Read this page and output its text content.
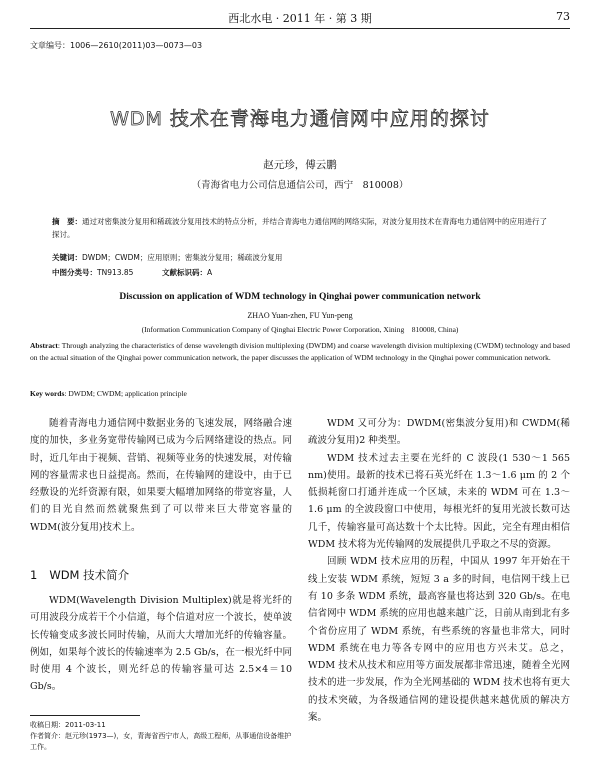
西北水电 · 2011 年 · 第 3 期	73
文章编号：1006—2610(2011)03—0073—03
WDM 技术在青海电力通信网中应用的探讨
赵元珍，傅云鹏
（青海省电力公司信息通信公司，西宁　810008）
摘　要：通过对密集波分复用和稀疏波分复用技术的特点分析，并结合青海电力通信网的网络实际，对波分复用技术在青海电力通信网中的应用进行了探讨。
关键词：DWDM；CWDM；应用原则；密集波分复用；稀疏波分复用
中图分类号：TN913.85	文献标识码：A
Discussion on application of WDM technology in Qinghai power communication network
ZHAO Yuan-zhen, FU Yun-peng
(Information Communication Company of Qinghai Electric Power Corporation, Xining　810008, China)
Abstract: Through analyzing the characteristics of dense wavelength division multiplexing (DWDM) and coarse wavelength division multiplexing (CWDM) technology and based on the actual situation of the Qinghai power communication network, the paper discusses the application of WDM technology in the Qinghai power communication network.
Key words: DWDM; CWDM; application principle

随着青海电力通信网中数据业务的飞速发展，网络融合速度的加快，多业务宽带传输网已成为今后网络建设的热点。同时，近几年由于视频、营销、视频等业务的快速发展，对传输网的容量需求也日益提高。然而，在传输网的建设中，由于已经敷设的光纤资源有限，如果要大幅增加网络的带宽容量，人们的目光自然而然就聚焦到了可以带来巨大带宽容量的 WDM(波分复用)技术上。

1 WDM 技术简介

WDM(Wavelength Division Multiplex)就是将光纤的可用波段分成若干个小信道，每个信道对应一个波长，使单波长传输变成多波长同时传输，从而大大增加光纤的传输容量。例如，如果每个波长的传输速率为 2.5 Gb/s，在一根光纤中同时使用 4 个波长，则光纤总的传输容量可达 2.5×4＝10 Gb/s。

WDM 又可分为：DWDM(密集波分复用)和 CWDM(稀疏波分复用)2 种类型。

WDM 技术过去主要在光纤的 C 波段(1 530～1 565 nm)使用。最新的技术已将石英光纤在 1.3～1.6 μm 的 2 个低损耗窗口打通并连成一个区域，未来的 WDM 可在 1.3～1.6 μm 的全波段窗口中使用，每根光纤的复用光波长数可达几千，传输容量可高达数十个太比特。因此，完全有理由相信 WDM 技术将为光传输网的发展提供几乎取之不尽的资源。

回顾 WDM 技术应用的历程，中国从 1997 年开始在干线上安装 WDM 系统，短短 3 a 多的时间，电信网干线上已有 10 多条 WDM 系统，最高容量也将达到 320 Gb/s。在电信省网中 WDM 系统的应用也越来越广泛，日前从南到北有多个省份应用了 WDM 系统，有些系统的容量也非常大，同时 WDM 系统在电力等各专网中的应用也方兴未艾。总之，WDM 技术从技术和应用等方面发展都非常迅速，随着全光网技术的进一步发展，作为全光网基础的 WDM 技术也将有更大的技术突破，为各级通信网的建设提供越来越优质的解决方案。

收稿日期：2011-03-11
作者简介：赵元珍(1973—)，女，青海省西宁市人，高级工程师，从事通信设备维护工作。
